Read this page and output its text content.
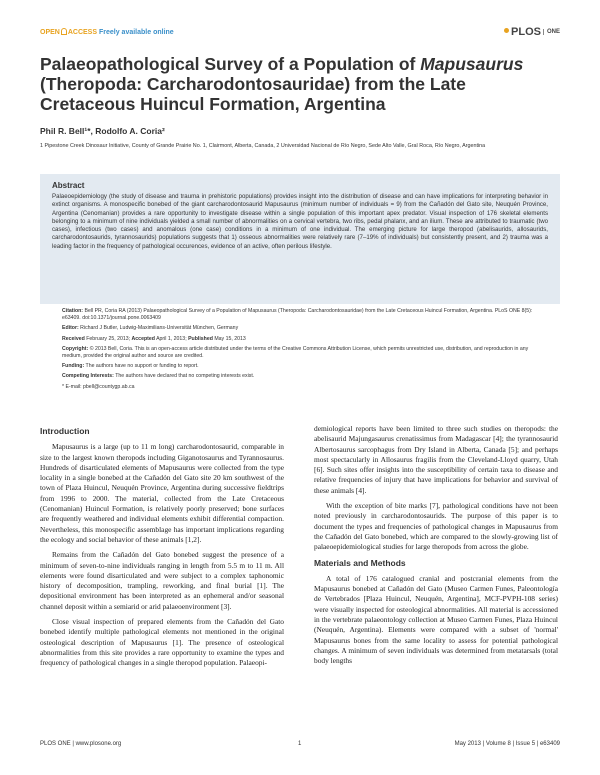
OPEN ACCESS Freely available online	PLOS ONE
Palaeopathological Survey of a Population of Mapusaurus (Theropoda: Carcharodontosauridae) from the Late Cretaceous Huincul Formation, Argentina
Phil R. Bell¹*, Rodolfo A. Coria²
1 Pipestone Creek Dinosaur Initiative, County of Grande Prairie No. 1, Clairmont, Alberta, Canada, 2 Universidad Nacional de Río Negro, Sede Alto Valle, Gral Roca, Río Negro, Argentina
Abstract

Palaeoepidemiology (the study of disease and trauma in prehistoric populations) provides insight into the distribution of disease and can have implications for interpreting behavior in extinct organisms. A monospecific bonebed of the giant carcharodontosaurid Mapusaurus (minimum number of individuals = 9) from the Cañadón del Gato site, Neuquén Province, Argentina (Cenomanian) provides a rare opportunity to investigate disease within a single population of this important apex predator. Visual inspection of 176 skeletal elements belonging to a minimum of nine individuals yielded a small number of abnormalities on a cervical vertebra, two ribs, pedal phalanx, and an ilium. These are attributed to traumatic (two cases), infectious (two cases) and anomalous (one case) conditions in a minimum of one individual. The emerging picture for large theropod (abelisaurids, allosaurids, carcharodontosaurids, tyrannosaurids) populations suggests that 1) osseous abnormalities were relatively rare (7–19% of individuals) but consistently present, and 2) trauma was a leading factor in the frequency of pathological occurences, evidence of an active, often perilous lifestyle.

Citation: Bell PR, Coria RA (2013) Palaeopathological Survey of a Population of Mapusaurus (Theropoda: Carcharodontosauridae) from the Late Cretaceous Huincul Formation, Argentina. PLoS ONE 8(5): e63409. doi:10.1371/journal.pone.0063409
Editor: Richard J Butler, Ludwig-Maximilians-Universität München, Germany
Received February 25, 2013; Accepted April 1, 2013; Published May 15, 2013
Copyright: © 2013 Bell, Coria. This is an open-access article distributed under the terms of the Creative Commons Attribution License, which permits unrestricted use, distribution, and reproduction in any medium, provided the original author and source are credited.
Funding: The authors have no support or funding to report.
Competing Interests: The authors have declared that no competing interests exist.
* E-mail: pbell@countygp.ab.ca
Introduction

Mapusaurus is a large (up to 11 m long) carcharodontosaurid, comparable in size to the largest known theropods including Giganotosaurus and Tyrannosaurus. Hundreds of disarticulated elements of Mapusaurus were collected from the type locality in a single bonebed at the Cañadón del Gato site 20 km southwest of the town of Plaza Huincul, Neuquén Province, Argentina during successive fieldtrips from 1996 to 2000. The material, collected from the Late Cretaceous (Cenomanian) Huincul Formation, is relatively poorly preserved; bone surfaces are frequently weathered and individual elements exhibit differential compaction. Nevertheless, this monospecific assemblage has important implications regarding the ecology and social behavior of these animals [1,2].

Remains from the Cañadón del Gato bonebed suggest the presence of a minimum of seven-to-nine individuals ranging in length from 5.5 m to 11 m. All elements were found disarticulated and were subject to a complex taphonomic history of decomposition, trampling, reworking, and final burial [1]. The depositional environment has been interpreted as an ephemeral and/or seasonal channel deposit within a semiarid or arid palaeoenvironment [3].

Close visual inspection of prepared elements from the Cañadón del Gato bonebed identify multiple pathological elements not mentioned in the original osteological description of Mapusaurus [1]. The presence of osteological abnormalities from this site provides a rare opportunity to examine the types and frequency of pathological changes in a single theropod population. Palaeopi-

demiological reports have been limited to three such studies on theropods: the abelisaurid Majungasaurus crenatissimus from Madagascar [4]; the tyrannosaurid Albertosaurus sarcophagus from Dry Island in Alberta, Canada [5]; and perhaps most spectacularly in Allosaurus fragilis from the Cleveland-Lloyd quarry, Utah [6]. Such sites offer insights into the susceptibility of certain taxa to disease and relative frequencies of injury that have implications for behavior and survival of these animals [4].

With the exception of bite marks [7], pathological conditions have not been noted previously in carcharodontosaurids. The purpose of this paper is to document the types and frequencies of pathological changes in Mapusaurus from the Cañadón del Gato bonebed, which are compared to the slowly-growing list of palaeoepidemiological studies for large theropods from across the globe.

Materials and Methods

A total of 176 catalogued cranial and postcranial elements from the Mapusaurus bonebed at Cañadón del Gato (Museo Carmen Funes, Paleontología de Vertebrados [Plaza Huincul, Neuquén, Argentina], MCF-PVPH-108 series) were visually inspected for osteological abnormalities. All material is accessioned in the vertebrate palaeontology collection at Museo Carmen Funes, Plaza Huincul (Neuquén, Argentina). Elements were compared with a subset of 'normal' Mapusaurus bones from the same locality to assess for potential pathological changes. A minimum of seven individuals was determined from metatarsals (total body lengths

PLOS ONE | www.plosone.org	1	May 2013 | Volume 8 | Issue 5 | e63409
